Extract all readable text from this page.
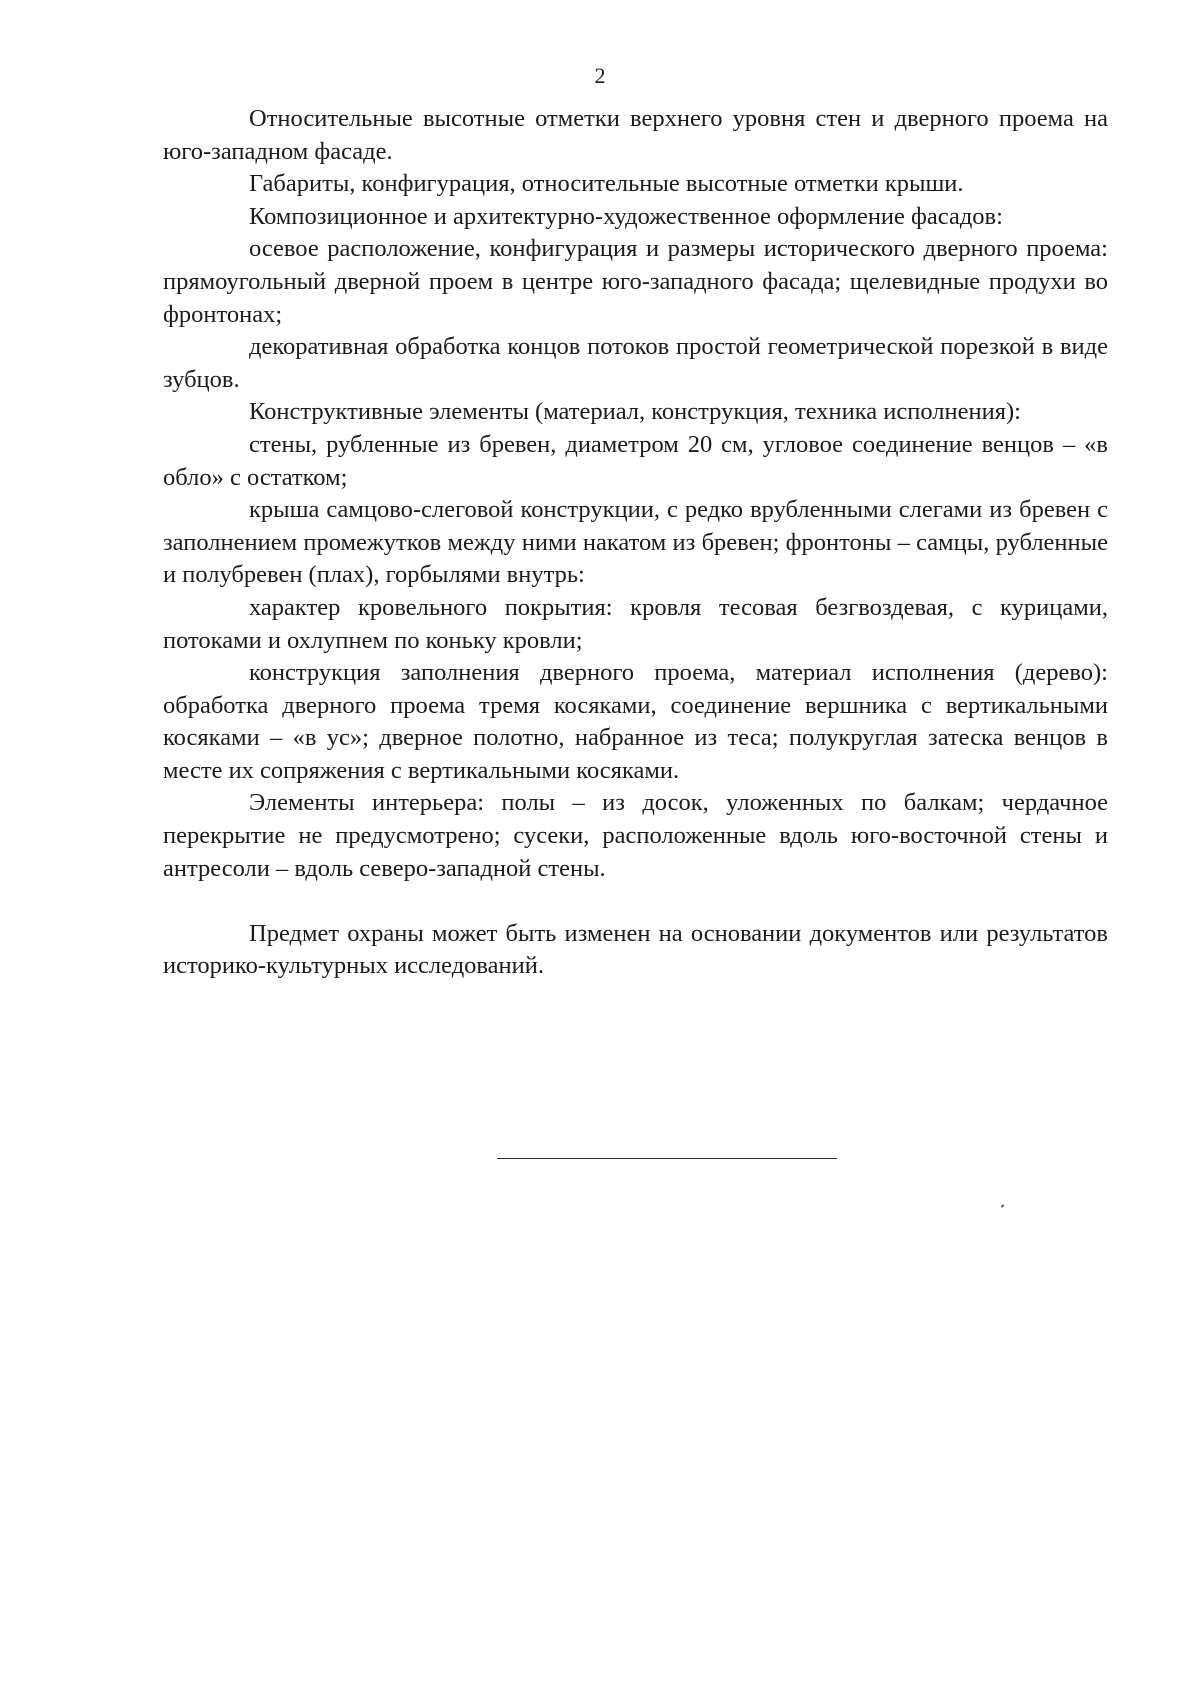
2

Относительные высотные отметки верхнего уровня стен и дверного проема на юго-западном фасаде.

Габариты, конфигурация, относительные высотные отметки крыши.

Композиционное и архитектурно-художественное оформление фасадов:

осевое расположение, конфигурация и размеры исторического дверного проема: прямоугольный дверной проем в центре юго-западного фасада; щелевидные продухи во фронтонах;

декоративная обработка концов потоков простой геометрической порезкой в виде зубцов.

Конструктивные элементы (материал, конструкция, техника исполнения):

стены, рубленные из бревен, диаметром 20 см, угловое соединение венцов – «в обло» с остатком;

крыша самцово-слеговой конструкции, с редко врубленными слегами из бревен с заполнением промежутков между ними накатом из бревен; фронтоны – самцы, рубленные и полубревен (плах), горбылями внутрь:

характер кровельного покрытия: кровля тесовая безгвоздевая, с курицами, потоками и охлупнем по коньку кровли;

конструкция заполнения дверного проема, материал исполнения (дерево): обработка дверного проема тремя косяками, соединение вершника с вертикальными косяками – «в ус»; дверное полотно, набранное из теса; полукруглая затеска венцов в месте их сопряжения с вертикальными косяками.

Элементы интерьера: полы – из досок, уложенных по балкам; чердачное перекрытие не предусмотрено; сусеки, расположенные вдоль юго-восточной стены и антресоли – вдоль северо-западной стены.

Предмет охраны может быть изменен на основании документов или результатов историко-культурных исследований.
